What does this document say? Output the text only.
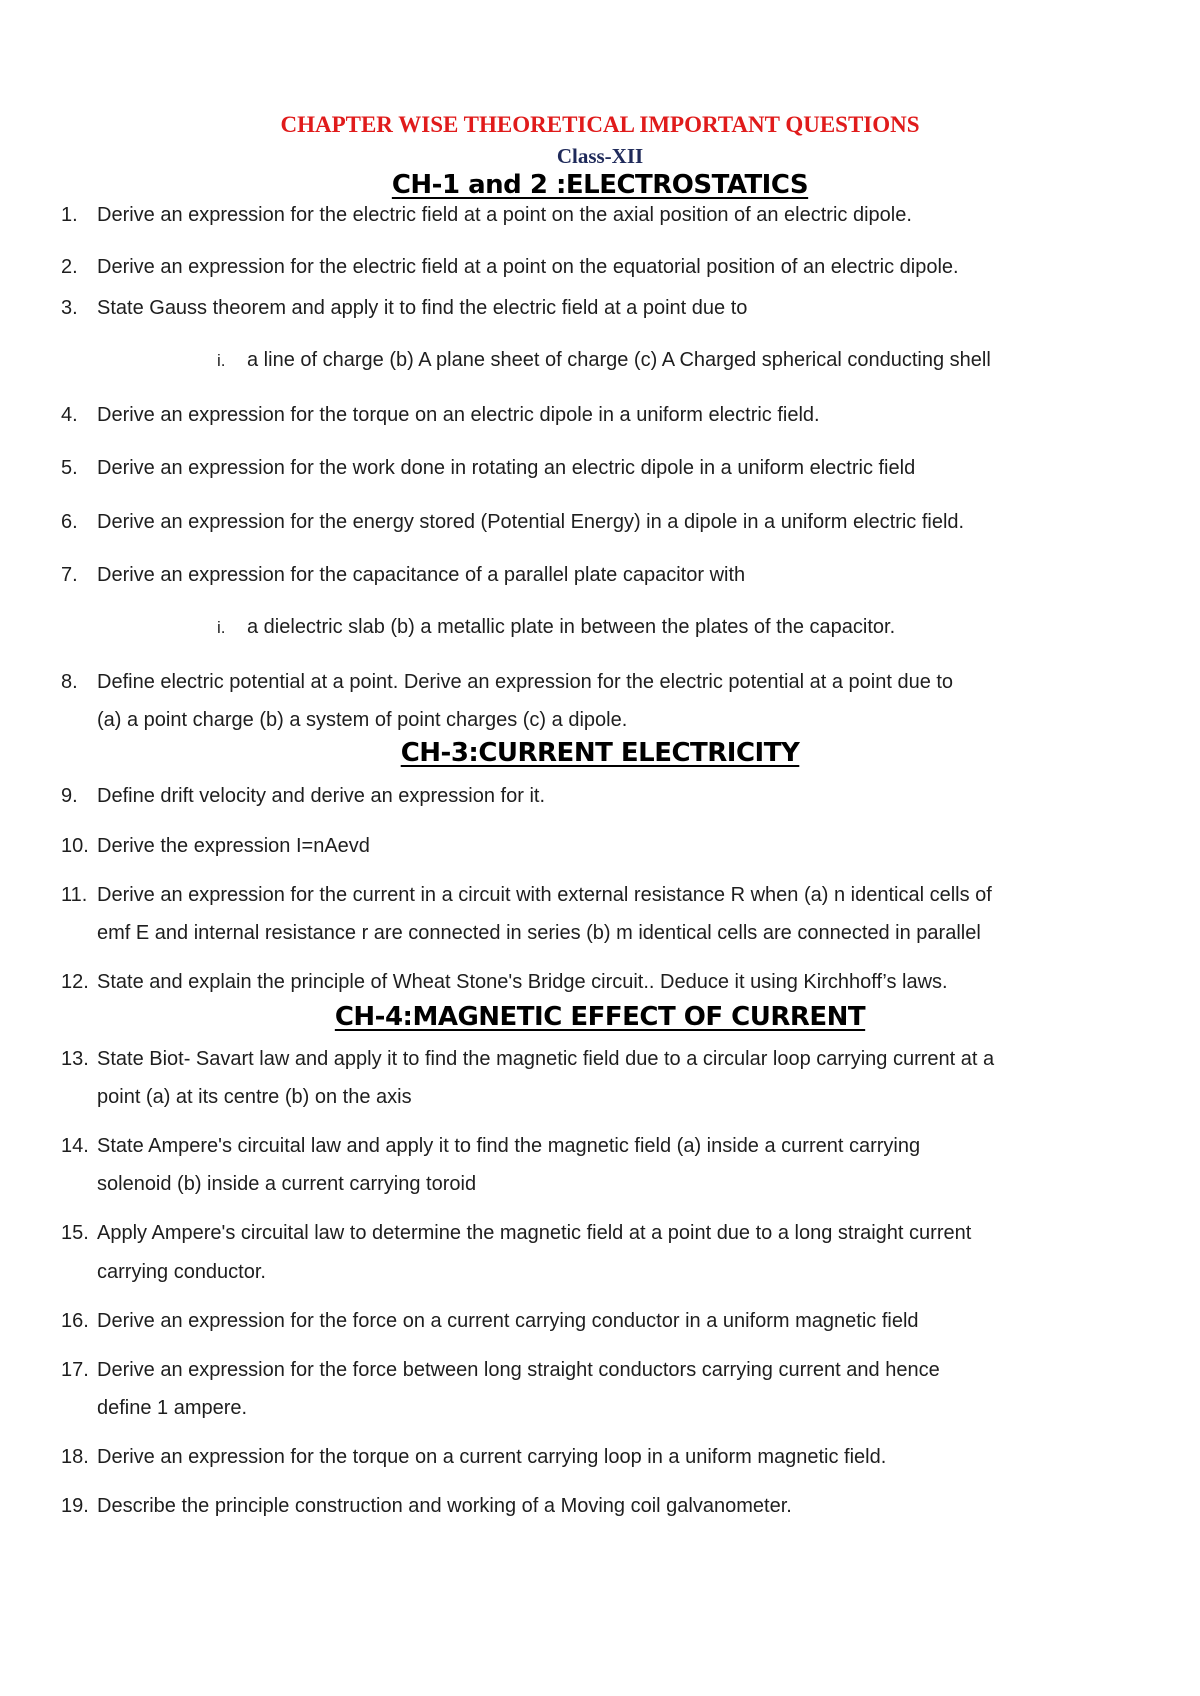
CHAPTER WISE THEORETICAL IMPORTANT QUESTIONS
Class-XII
CH-1 and 2 :ELECTROSTATICS
1. Derive an expression for the electric field at a point on the axial position of an electric dipole.
2. Derive an expression for the electric field at a point on the equatorial position of an electric dipole.
3. State Gauss theorem and apply it to find the electric field at a point due to
i. a line of charge (b) A plane sheet of charge (c) A Charged spherical conducting shell
4. Derive an expression for the torque on an electric dipole in a uniform electric field.
5. Derive an expression for the work done in rotating an electric dipole in a uniform electric field
6. Derive an expression for the energy stored (Potential Energy) in a dipole in a uniform electric field.
7. Derive an expression for the capacitance of a parallel plate capacitor with
i. a dielectric slab (b) a metallic plate in between the plates of the capacitor.
8. Define electric potential at a point. Derive an expression for the electric potential at a point due to
(a) a point charge (b) a system of point charges (c) a dipole.
CH-3:CURRENT ELECTRICITY
9. Define drift velocity and derive an expression for it.
10. Derive the expression I=nAevd
11. Derive an expression for the current in a circuit with external resistance R when (a) n identical cells of
emf E and internal resistance r are connected in series (b) m identical cells are connected in parallel
12. State and explain the principle of Wheat Stone's Bridge circuit.. Deduce it using Kirchhoff’s laws.
CH-4:MAGNETIC EFFECT OF CURRENT
13. State Biot- Savart law and apply it to find the magnetic field due to a circular loop carrying current at a
point (a) at its centre (b) on the axis
14. State Ampere's circuital law and apply it to find the magnetic field (a) inside a current carrying
solenoid (b) inside a current carrying toroid
15. Apply Ampere's circuital law to determine the magnetic field at a point due to a long straight current
carrying conductor.
16. Derive an expression for the force on a current carrying conductor in a uniform magnetic field
17. Derive an expression for the force between long straight conductors carrying current and hence
define 1 ampere.
18. Derive an expression for the torque on a current carrying loop in a uniform magnetic field.
19. Describe the principle construction and working of a Moving coil galvanometer.
